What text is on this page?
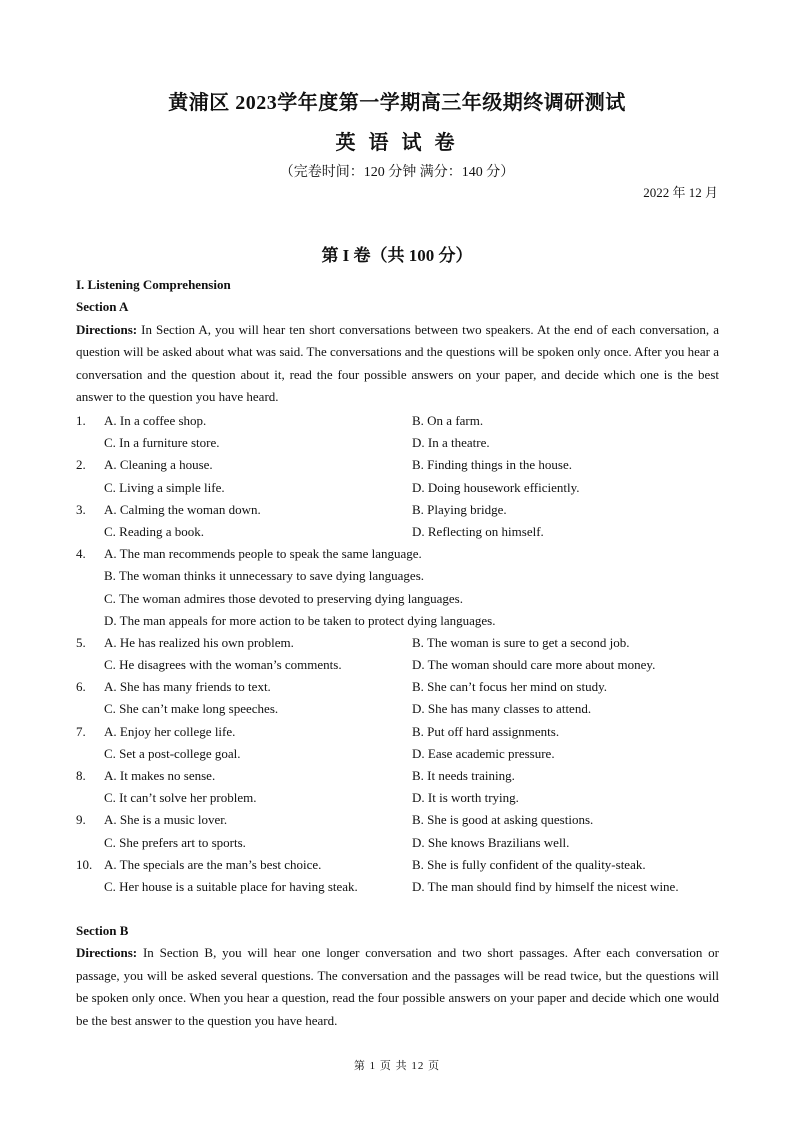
黄浦区 2023学年度第一学期高三年级期终调研测试
英 语 试 卷
（完卷时间：120 分钟 满分：140 分）
2022 年 12 月
第 I 卷（共 100 分）
I. Listening Comprehension
Section A
Directions: In Section A, you will hear ten short conversations between two speakers. At the end of each conversation, a question will be asked about what was said. The conversations and the questions will be spoken only once. After you hear a conversation and the question about it, read the four possible answers on your paper, and decide which one is the best answer to the question you have heard.
1.	A. In a coffee shop.	B. On a farm.
C. In a furniture store.	D. In a theatre.
2.	A. Cleaning a house.	B. Finding things in the house.
C. Living a simple life.	D. Doing housework efficiently.
3.	A. Calming the woman down.	B. Playing bridge.
C. Reading a book.	D. Reflecting on himself.
4.	A. The man recommends people to speak the same language.
B. The woman thinks it unnecessary to save dying languages.
C. The woman admires those devoted to preserving dying languages.
D. The man appeals for more action to be taken to protect dying languages.
5.	A. He has realized his own problem.	B. The woman is sure to get a second job.
C. He disagrees with the woman’s comments.	D. The woman should care more about money.
6.	A. She has many friends to text.	B. She can’t focus her mind on study.
C. She can’t make long speeches.	D. She has many classes to attend.
7.	A. Enjoy her college life.	B. Put off hard assignments.
C. Set a post-college goal.	D. Ease academic pressure.
8.	A. It makes no sense.	B. It needs training.
C. It can’t solve her problem.	D. It is worth trying.
9.	A. She is a music lover.	B. She is good at asking questions.
C. She prefers art to sports.	D. She knows Brazilians well.
10. A. The specials are the man’s best choice.	B. She is fully confident of the quality-steak.
C. Her house is a suitable place for having steak.	D. The man should find by himself the nicest wine.
Section B
Directions: In Section B, you will hear one longer conversation and two short passages. After each conversation or passage, you will be asked several questions. The conversation and the passages will be read twice, but the questions will be spoken only once. When you hear a question, read the four possible answers on your paper and decide which one would be the best answer to the question you have heard.
第 1 页 共 12 页
